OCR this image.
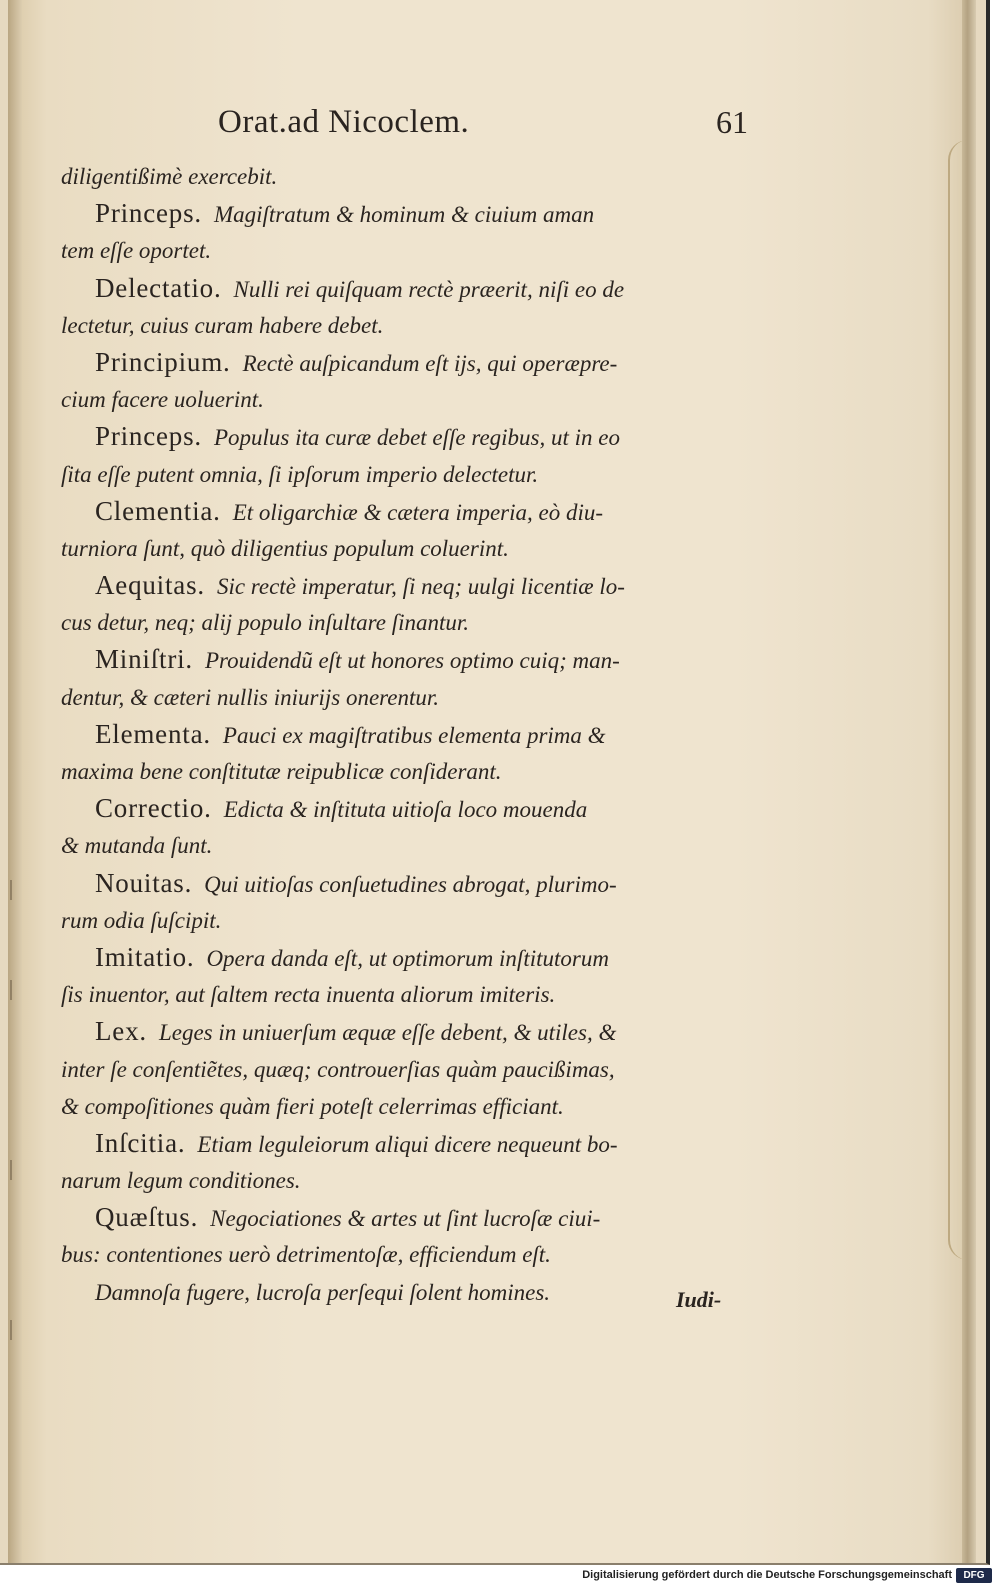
Orat.ad Nicoclem.	61
diligentißimè exercebit.
Princeps. Magiſtratum & hominum & ciuium aman
tem eſſe oportet.
Delectatio. Nulli rei quiſquam rectè præerit, niſi eo de
lectetur, cuius curam habere debet.
Principium. Rectè auſpicandum eſt ijs, qui operæpre-
cium facere uoluerint.
Princeps. Populus ita curæ debet eſſe regibus, ut in eo
ſita eſſe putent omnia, ſi ipſorum imperio delectetur.
Clementia. Et oligarchiæ & cætera imperia, eò diu-
turniora ſunt, quò diligentius populum coluerint.
Aequitas. Sic rectè imperatur, ſi neq; uulgi licentiæ lo-
cus detur, neq; alij populo inſultare ſinantur.
Miniſtri. Prouidendũ eſt ut honores optimo cuiq; man-
dentur, & cæteri nullis iniurijs onerentur.
Elementa. Pauci ex magiſtratibus elementa prima &
maxima bene conſtitutæ reipublicæ conſiderant.
Correctio. Edicta & inſtituta uitioſa loco mouenda
& mutanda ſunt.
Nouitas. Qui uitioſas conſuetudines abrogat, plurimo-
rum odia ſuſcipit.
Imitatio. Opera danda eſt, ut optimorum inſtitutorum
ſis inuentor, aut ſaltem recta inuenta aliorum imiteris.
Lex. Leges in uniuerſum æquæ eſſe debent, & utiles, &
inter ſe conſentiẽtes, quæq; controuerſias quàm paucißimas,
& compoſitiones quàm fieri poteſt celerrimas efficiant.
Inſcitia. Etiam leguleiorum aliqui dicere nequeunt bo-
narum legum conditiones.
Quæſtus. Negociationes & artes ut ſint lucroſæ ciui-
bus: contentiones uerò detrimentoſæ, efficiendum eſt.
Damnoſa fugere, lucroſa perſequi ſolent homines.	Iudi-
Digitalisierung gefördert durch die Deutsche Forschungsgemeinschaft	DFG
